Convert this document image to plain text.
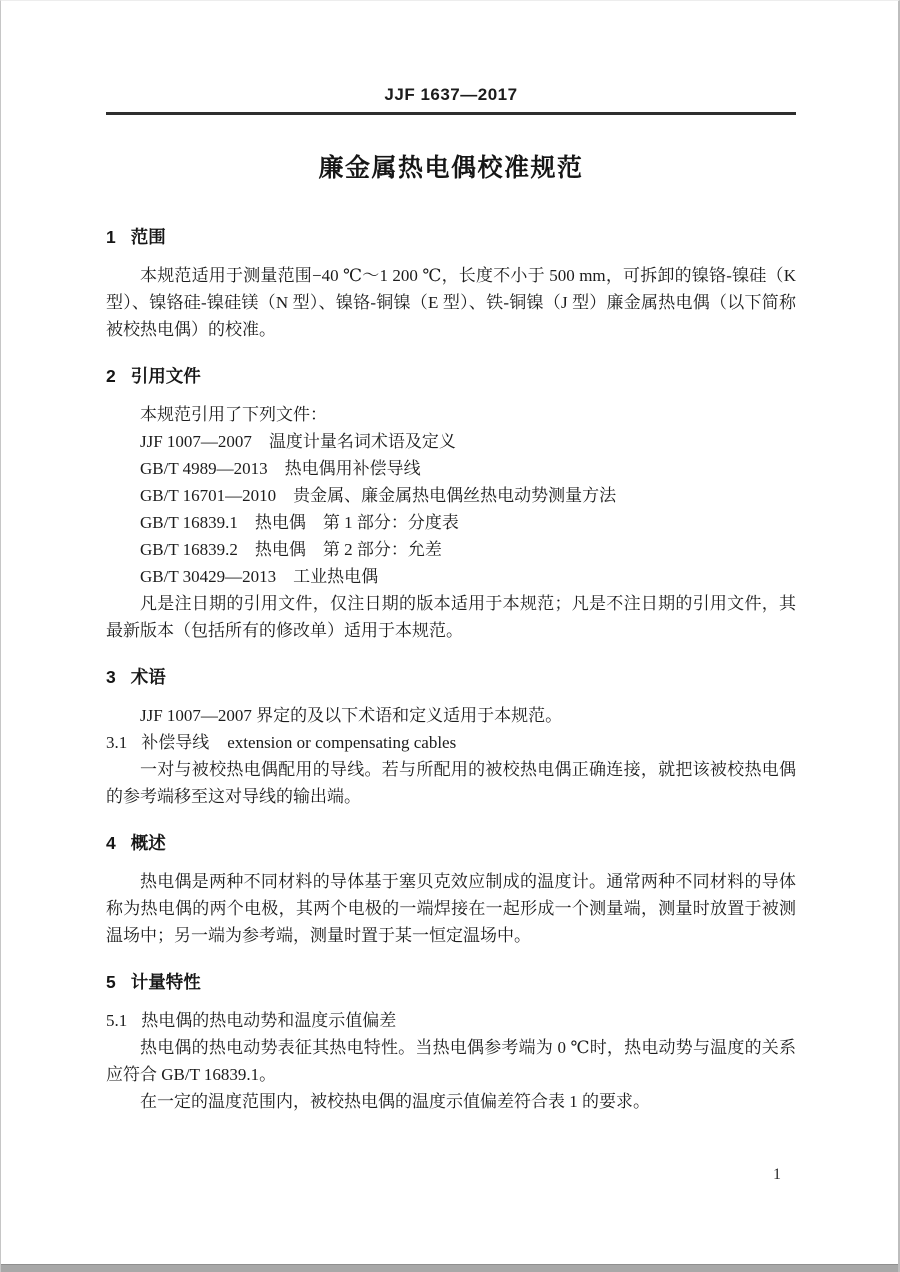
JJF 1637—2017
廉金属热电偶校准规范
1 范围

本规范适用于测量范围−40 ℃～1 200 ℃，长度不小于 500 mm，可拆卸的镍铬-镍硅（K 型）、镍铬硅-镍硅镁（N 型）、镍铬-铜镍（E 型）、铁-铜镍（J 型）廉金属热电偶（以下简称被校热电偶）的校准。

2 引用文件

本规范引用了下列文件：

JJF 1007—2007 温度计量名词术语及定义

GB/T 4989—2013 热电偶用补偿导线

GB/T 16701—2010 贵金属、廉金属热电偶丝热电动势测量方法

GB/T 16839.1 热电偶　第 1 部分：分度表

GB/T 16839.2 热电偶　第 2 部分：允差

GB/T 30429—2013 工业热电偶

凡是注日期的引用文件，仅注日期的版本适用于本规范；凡是不注日期的引用文件，其最新版本（包括所有的修改单）适用于本规范。

3 术语

JJF 1007—2007 界定的及以下术语和定义适用于本规范。

3.1 补偿导线 extension or compensating cables

一对与被校热电偶配用的导线。若与所配用的被校热电偶正确连接，就把该被校热电偶的参考端移至这对导线的输出端。

4 概述

热电偶是两种不同材料的导体基于塞贝克效应制成的温度计。通常两种不同材料的导体称为热电偶的两个电极，其两个电极的一端焊接在一起形成一个测量端，测量时放置于被测温场中；另一端为参考端，测量时置于某一恒定温场中。

5 计量特性

5.1 热电偶的热电动势和温度示值偏差

热电偶的热电动势表征其热电特性。当热电偶参考端为 0 ℃时，热电动势与温度的关系应符合 GB/T 16839.1。

在一定的温度范围内，被校热电偶的温度示值偏差符合表 1 的要求。

1
